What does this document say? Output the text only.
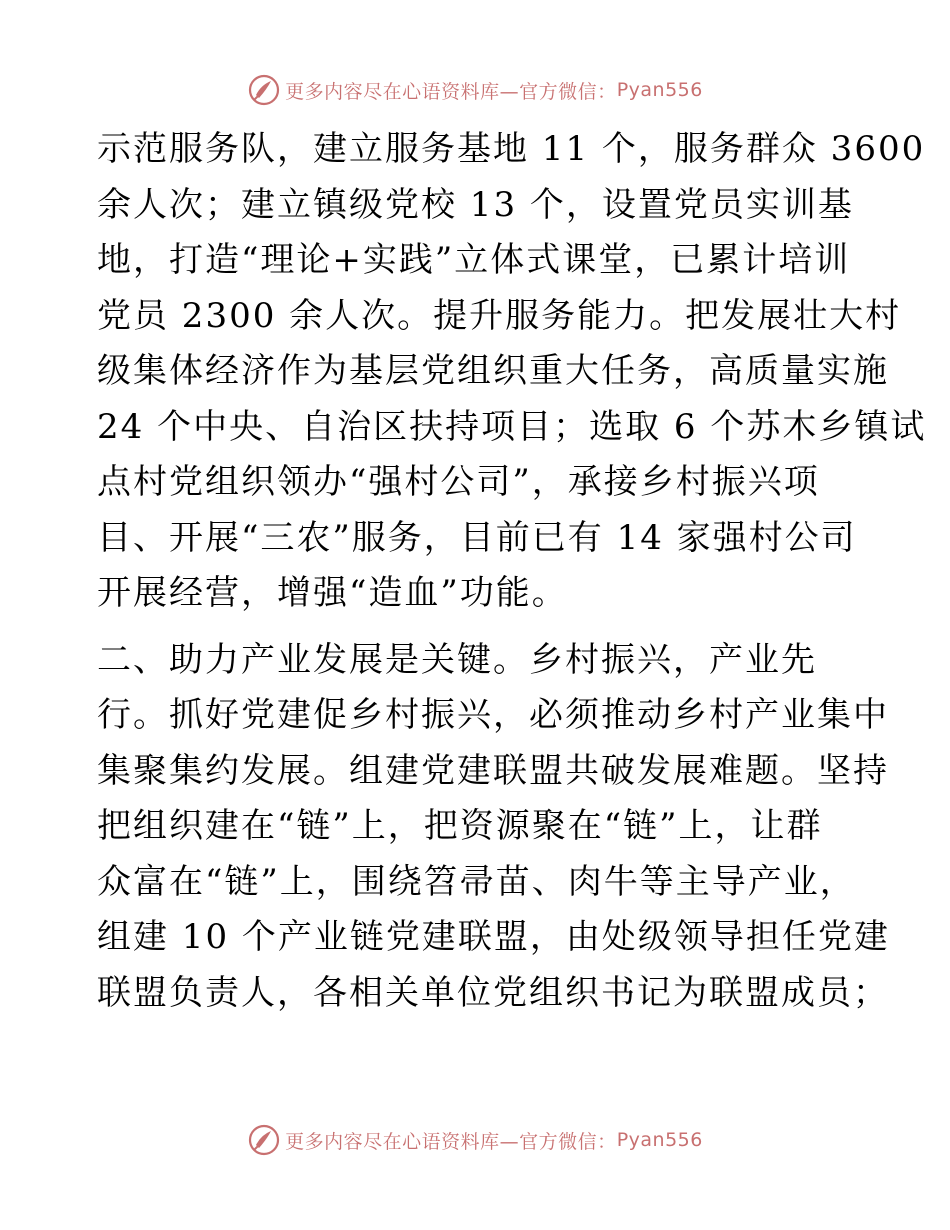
更多内容尽在心语资料库 —官方微信： Pyan556
示范服务队，建立服务基地 11 个，服务群众 3600
余人次；建立镇级党校 13 个，设置党员实训基
地，打造“理论+实践”立体式课堂，已累计培训
党员 2300 余人次。提升服务能力。把发展壮大村
级集体经济作为基层党组织重大任务，高质量实施
24 个中央、自治区扶持项目；选取 6 个苏木乡镇试
点村党组织领办“强村公司”，承接乡村振兴项
目、开展“三农”服务，目前已有 14 家强村公司
开展经营，增强“造血”功能。
二、助力产业发展是关键。乡村振兴，产业先
行。抓好党建促乡村振兴，必须推动乡村产业集中
集聚集约发展。组建党建联盟共破发展难题。坚持
把组织建在“链”上，把资源聚在“链”上，让群
众富在“链”上，围绕笤帚苗、肉牛等主导产业，
组建 10 个产业链党建联盟，由处级领导担任党建
联盟负责人，各相关单位党组织书记为联盟成员；
更多内容尽在心语资料库 —官方微信： Pyan556
